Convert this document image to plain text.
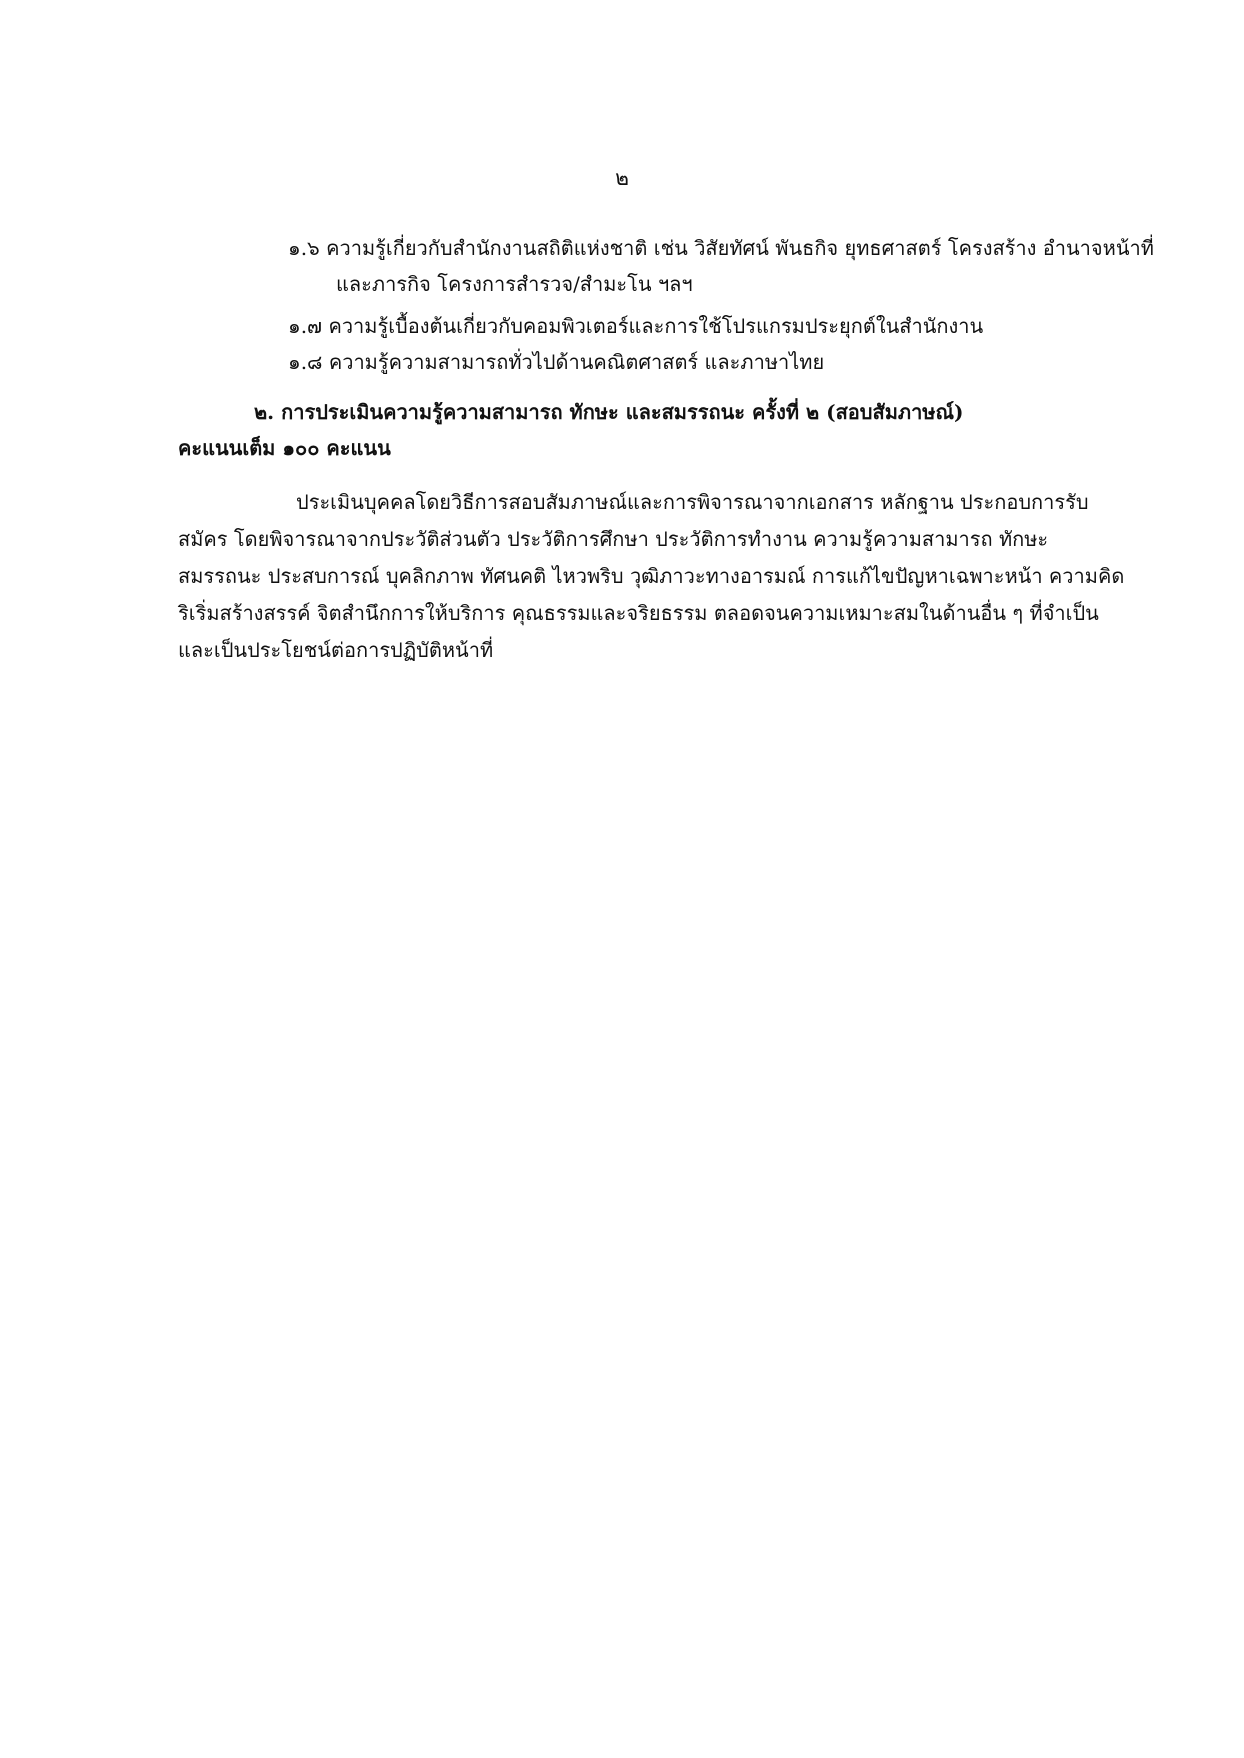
๒
๑.๖ ความรู้เกี่ยวกับสำนักงานสถิติแห่งชาติ เช่น วิสัยทัศน์ พันธกิจ ยุทธศาสตร์ โครงสร้าง อำนาจหน้าที่
และภารกิจ โครงการสำรวจ/สำมะโน ฯลฯ
๑.๗ ความรู้เบื้องต้นเกี่ยวกับคอมพิวเตอร์และการใช้โปรแกรมประยุกต์ในสำนักงาน
๑.๘ ความรู้ความสามารถทั่วไปด้านคณิตศาสตร์ และภาษาไทย
๒. การประเมินความรู้ความสามารถ ทักษะ และสมรรถนะ ครั้งที่ ๒ (สอบสัมภาษณ์)
คะแนนเต็ม ๑๐๐ คะแนน
ประเมินบุคคลโดยวิธีการสอบสัมภาษณ์และการพิจารณาจากเอกสาร หลักฐาน ประกอบการรับ
สมัคร โดยพิจารณาจากประวัติส่วนตัว ประวัติการศึกษา ประวัติการทำงาน ความรู้ความสามารถ ทักษะ
สมรรถนะ ประสบการณ์ บุคลิกภาพ ทัศนคติ ไหวพริบ วุฒิภาวะทางอารมณ์ การแก้ไขปัญหาเฉพาะหน้า ความคิด
ริเริ่มสร้างสรรค์ จิตสำนึกการให้บริการ คุณธรรมและจริยธรรม ตลอดจนความเหมาะสมในด้านอื่น ๆ ที่จำเป็น
และเป็นประโยชน์ต่อการปฏิบัติหน้าที่
